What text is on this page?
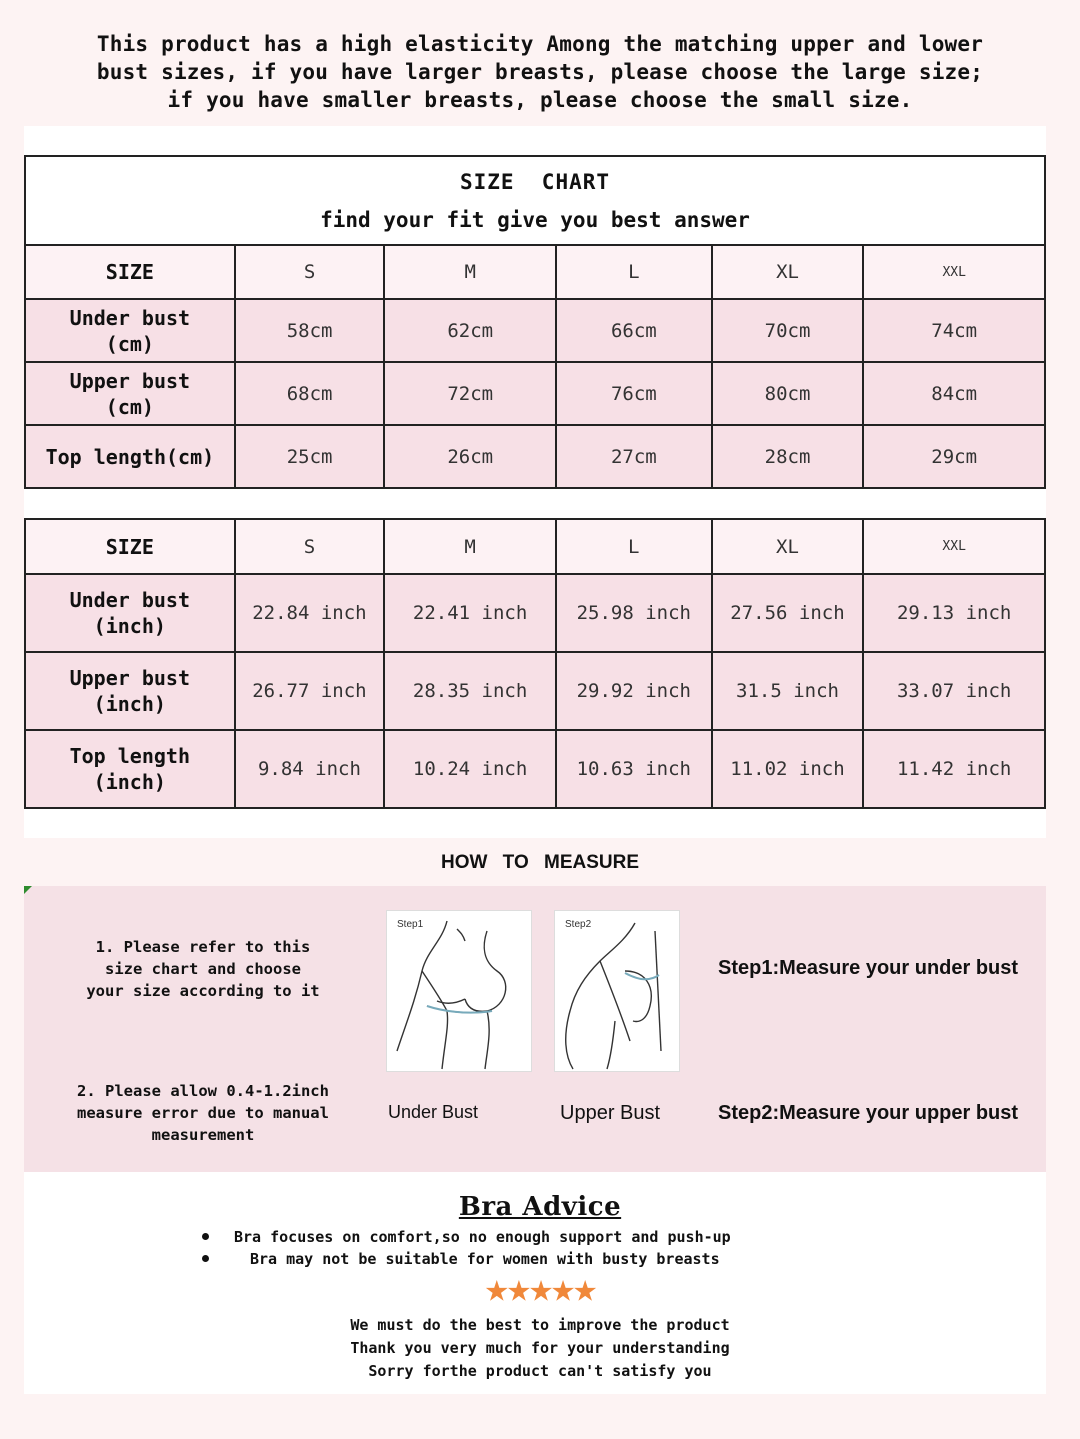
This product has a high elasticity Among the matching upper and lower
bust sizes, if you have larger breasts, please choose the large size;
if you have smaller breasts, please choose the small size.
SIZE  CHART
find your fit give you best answer					

SIZE	S	M	L	XL	XXL

Under bust
(cm)	58cm	62cm	66cm	70cm	74cm

Upper bust
(cm)	68cm	72cm	76cm	80cm	84cm

Top length(cm)	25cm	26cm	27cm	28cm	29cm
SIZE	S	M	L	XL	XXL

Under bust
(inch)	22.84 inch	22.41 inch	25.98 inch	27.56 inch	29.13 inch

Upper bust
(inch)	26.77 inch	28.35 inch	29.92 inch	31.5 inch	33.07 inch

Top length
(inch)	9.84 inch	10.24 inch	10.63 inch	11.02 inch	11.42 inch
HOW TO MEASURE
1. Please refer to this
size chart and choose
your size according to it
2. Please allow 0.4-1.2inch
measure error due to manual
measurement
Step1	Step2
Under Bust	Upper Bust
Step1:Measure your under bust
Step2:Measure your upper bust
Bra Advice
Bra focuses on comfort,so no enough support and push-up
Bra may not be suitable for women with busty breasts
★★★★★
We must do the best to improve the product
Thank you very much for your understanding
Sorry forthe product can't satisfy you
